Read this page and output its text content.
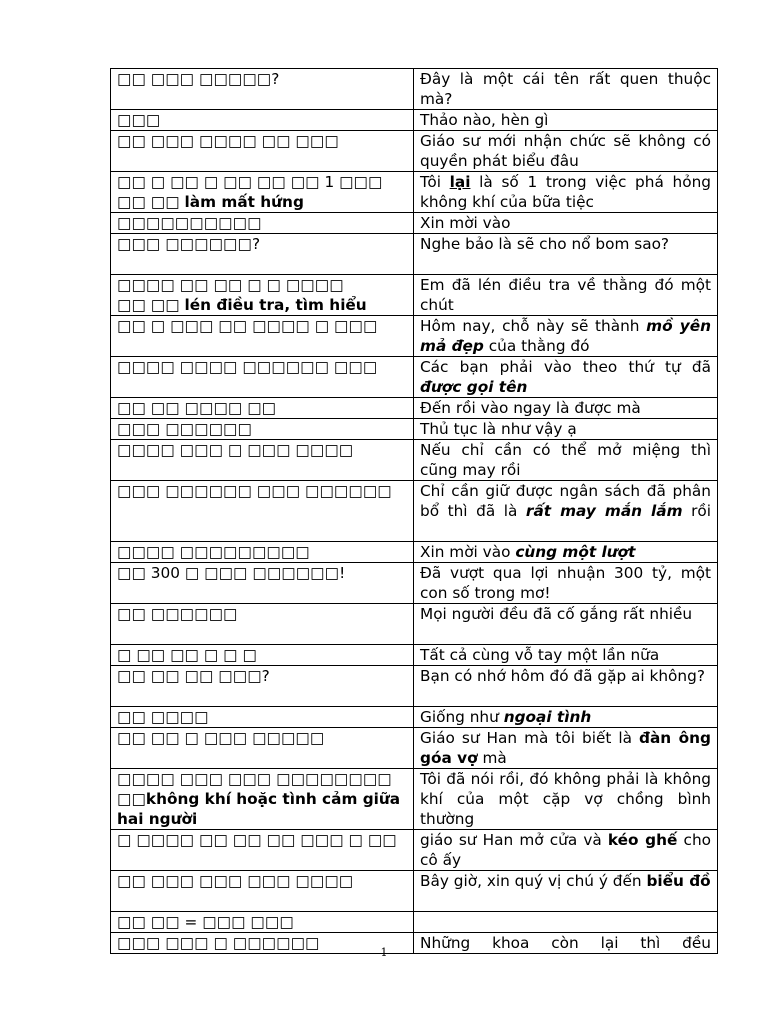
□□ □□□ □□□□□?	Đây là một cái tên rất quen thuộc mà?
□□□	Thảo nào, hèn gì
□□ □□□ □□□□ □□ □□□	Giáo sư mới nhận chức sẽ không có quyền phát biểu đâu
□□ □ □□ □ □□ □□ □□ 1 □□□
□□ □□ làm mất hứng	Tôi lại là số 1 trong việc phá hỏng không khí của bữa tiệc
□□□□□□□□□□	Xin mời vào
□□□ □□□□□□?	Nghe bảo là sẽ cho nổ bom sao?
□□□□ □□ □□ □ □ □□□□
□□ □□ lén điều tra, tìm hiểu	Em đã lén điều tra về thằng đó một chút
□□ □ □□□ □□ □□□□ □ □□□	Hôm nay, chỗ này sẽ thành mồ yên mả đẹp của thằng đó
□□□□ □□□□ □□□□□□ □□□	Các bạn phải vào theo thứ tự đã được gọi tên
□□ □□ □□□□ □□	Đến rồi vào ngay là được mà
□□□ □□□□□□	Thủ tục là như vậy ạ
□□□□ □□□ □ □□□ □□□□	Nếu chỉ cần có thể mở miệng thì cũng may rồi
□□□ □□□□□□ □□□ □□□□□□	Chỉ cần giữ được ngân sách đã phân bổ thì đã là rất may mắn lắm rồi
□□□□ □□□□□□□□□	Xin mời vào cùng một lượt
□□ 300 □ □□□ □□□□□□!	Đã vượt qua lợi nhuận 300 tỷ, một con số trong mơ!
□□ □□□□□□	Mọi người đều đã cố gắng rất nhiều
□ □□ □□ □ □ □	Tất cả cùng vỗ tay một lần nữa
□□ □□ □□ □□□?	Bạn có nhớ hôm đó đã gặp ai không?
□□ □□□□	Giống như ngoại tình
□□ □□ □ □□□ □□□□□	Giáo sư Han mà tôi biết là đàn ông góa vợ mà
□□□□ □□□ □□□ □□□□□□□□
□□không khí hoặc tình cảm giữa hai người	Tôi đã nói rồi, đó không phải là không khí của một cặp vợ chồng bình thường
□ □□□□ □□ □□ □□ □□□ □ □□	giáo sư Han mở cửa và kéo ghế cho cô ấy
□□ □□□ □□□ □□□ □□□□	Bây giờ, xin quý vị chú ý đến biểu đồ
□□ □□ = □□□ □□□	
□□□ □□□ □ □□□□□□	Những khoa còn lại thì đều
1
